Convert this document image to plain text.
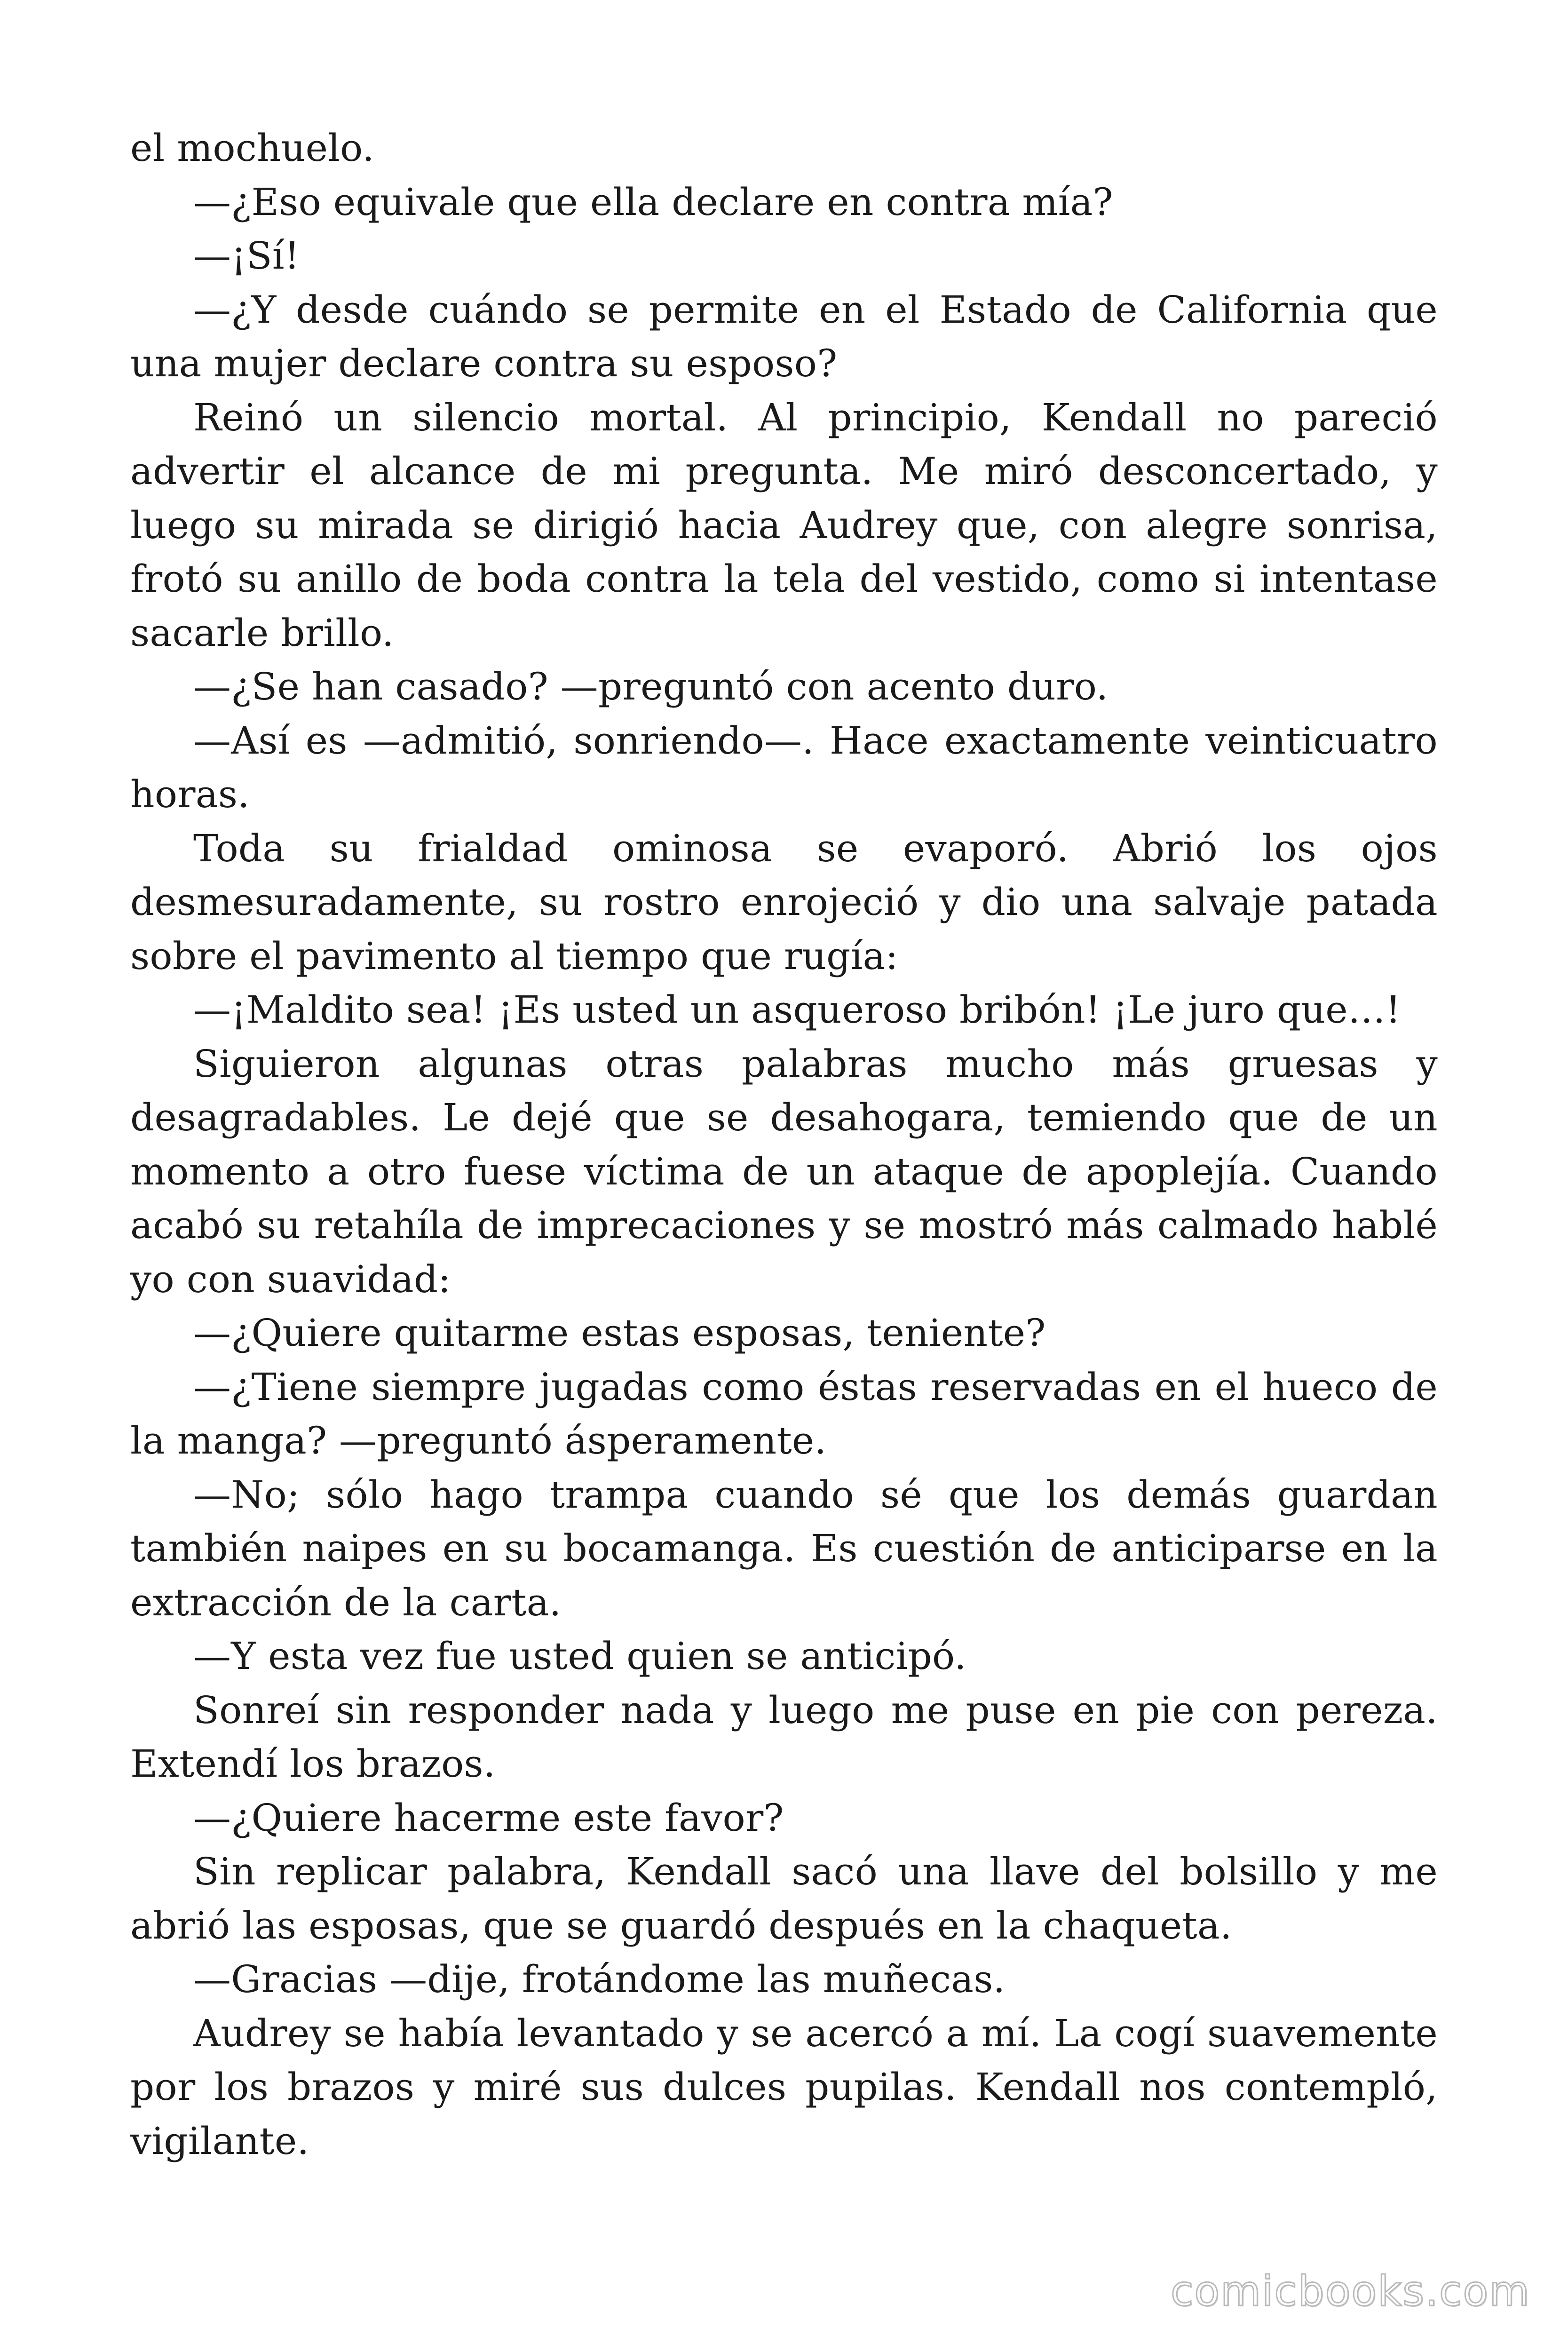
el mochuelo.

—¿Eso equivale que ella declare en contra mía?

—¡Sí!

—¿Y desde cuándo se permite en el Estado de California que una mujer declare contra su esposo?

Reinó un silencio mortal. Al principio, Kendall no pareció advertir el alcance de mi pregunta. Me miró desconcertado, y luego su mirada se dirigió hacia Audrey que, con alegre sonrisa, frotó su anillo de boda contra la tela del vestido, como si intentase sacarle brillo.

—¿Se han casado? —preguntó con acento duro.

—Así es —admitió, sonriendo—. Hace exactamente veinticuatro horas.

Toda su frialdad ominosa se evaporó. Abrió los ojos desmesuradamente, su rostro enrojeció y dio una salvaje patada sobre el pavimento al tiempo que rugía:

—¡Maldito sea! ¡Es usted un asqueroso bribón! ¡Le juro que…!

Siguieron algunas otras palabras mucho más gruesas y desagradables. Le dejé que se desahogara, temiendo que de un momento a otro fuese víctima de un ataque de apoplejía. Cuando acabó su retahíla de imprecaciones y se mostró más calmado hablé yo con suavidad:

—¿Quiere quitarme estas esposas, teniente?

—¿Tiene siempre jugadas como éstas reservadas en el hueco de la manga? —preguntó ásperamente.

—No; sólo hago trampa cuando sé que los demás guardan también naipes en su bocamanga. Es cuestión de anticiparse en la extracción de la carta.

—Y esta vez fue usted quien se anticipó.

Sonreí sin responder nada y luego me puse en pie con pereza. Extendí los brazos.

—¿Quiere hacerme este favor?

Sin replicar palabra, Kendall sacó una llave del bolsillo y me abrió las esposas, que se guardó después en la chaqueta.

—Gracias —dije, frotándome las muñecas.

Audrey se había levantado y se acercó a mí. La cogí suavemente por los brazos y miré sus dulces pupilas. Kendall nos contempló, vigilante.

comicbooks.com
